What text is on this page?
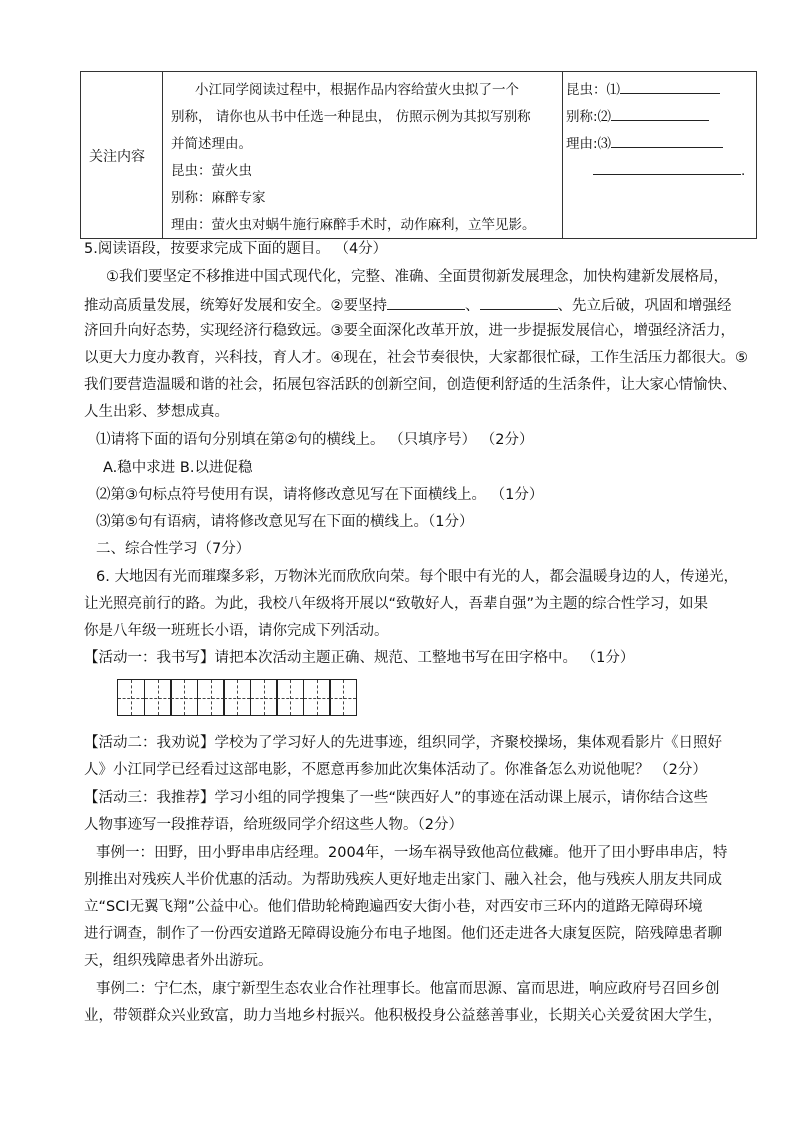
关注内容
小江同学阅读过程中，根据作品内容给萤火虫拟了一个
别称， 请你也从书中任选一种昆虫， 仿照示例为其拟写别称
并简述理由。
昆虫：萤火虫
别称：麻醉专家
理由：萤火虫对蜗牛施行麻醉手术时，动作麻利，立竿见影。
昆虫：⑴
别称:⑵
理由:⑶
.
5.阅读语段，按要求完成下面的题目。 （4分）
①我们要坚定不移推进中国式现代化，完整、准确、全面贯彻新发展理念，加快构建新发展格局，
推动高质量发展，统筹好发展和安全。②要坚持	、	、先立后破，巩固和增强经
济回升向好态势，实现经济行稳致远。③要全面深化改革开放，进一步提振发展信心，增强经济活力，
以更大力度办教育，兴科技，育人才。④现在，社会节奏很快，大家都很忙碌，工作生活压力都很大。⑤
我们要营造温暖和谐的社会，拓展包容活跃的创新空间，创造便利舒适的生活条件，让大家心情愉快、
人生出彩、梦想成真。
⑴请将下面的语句分别填在第②句的横线上。 （只填序号） （2分）
A.稳中求进 B.以进促稳
⑵第③句标点符号使用有误，请将修改意见写在下面横线上。 （1分）
⑶第⑤句有语病，请将修改意见写在下面的横线上。（1分）
二、综合性学习（7分）
6. 大地因有光而璀璨多彩，万物沐光而欣欣向荣。每个眼中有光的人，都会温暖身边的人，传递光，
让光照亮前行的路。为此，我校八年级将开展以“致敬好人，吾辈自强”为主题的综合性学习，如果
你是八年级一班班长小语，请你完成下列活动。
【活动一：我书写】请把本次活动主题正确、规范、工整地书写在田字格中。 （1分）
【活动二：我劝说】学校为了学习好人的先进事迹，组织同学，齐聚校操场，集体观看影片《日照好
人》小江同学已经看过这部电影，不愿意再参加此次集体活动了。你准备怎么劝说他呢？ （2分）
【活动三：我推荐】学习小组的同学搜集了一些“陕西好人”的事迹在活动课上展示，请你结合这些
人物事迹写一段推荐语，给班级同学介绍这些人物。（2分）
事例一：田野，田小野串串店经理。2004年，一场车祸导致他高位截瘫。他开了田小野串串店，特
别推出对残疾人半价优惠的活动。为帮助残疾人更好地走出家门、融入社会，他与残疾人朋友共同成
立“SCI无翼飞翔”公益中心。他们借助轮椅跑遍西安大街小巷，对西安市三环内的道路无障碍环境
进行调查，制作了一份西安道路无障碍设施分布电子地图。他们还走进各大康复医院，陪残障患者聊
天，组织残障患者外出游玩。
事例二：宁仁杰，康宁新型生态农业合作社理事长。他富而思源、富而思进，响应政府号召回乡创
业，带领群众兴业致富，助力当地乡村振兴。他积极投身公益慈善事业，长期关心关爱贫困大学生，
